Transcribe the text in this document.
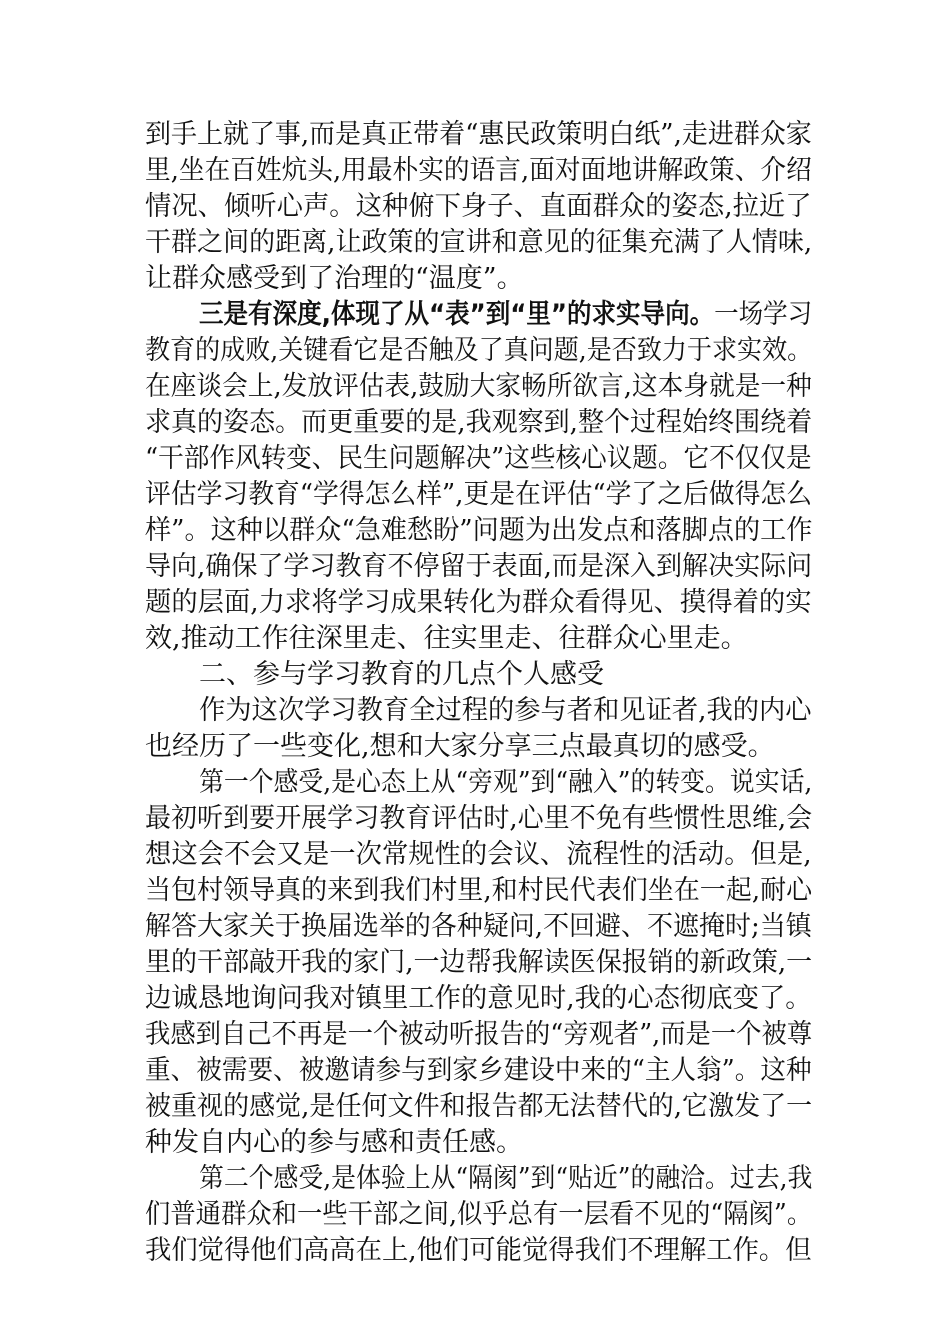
到手上就了事,而是真正带着“惠民政策明白纸”,走进群众家
里,坐在百姓炕头,用最朴实的语言,面对面地讲解政策、介绍
情况、倾听心声。这种俯下身子、直面群众的姿态,拉近了
干群之间的距离,让政策的宣讲和意见的征集充满了人情味,
让群众感受到了治理的“温度”。
三是有深度,体现了从“表”到“里”的求实导向。一场学习
教育的成败,关键看它是否触及了真问题,是否致力于求实效。
在座谈会上,发放评估表,鼓励大家畅所欲言,这本身就是一种
求真的姿态。而更重要的是,我观察到,整个过程始终围绕着
“干部作风转变、民生问题解决”这些核心议题。它不仅仅是
评估学习教育“学得怎么样”,更是在评估“学了之后做得怎么
样”。这种以群众“急难愁盼”问题为出发点和落脚点的工作
导向,确保了学习教育不停留于表面,而是深入到解决实际问
题的层面,力求将学习成果转化为群众看得见、摸得着的实
效,推动工作往深里走、往实里走、往群众心里走。
二、参与学习教育的几点个人感受
作为这次学习教育全过程的参与者和见证者,我的内心
也经历了一些变化,想和大家分享三点最真切的感受。
第一个感受,是心态上从“旁观”到“融入”的转变。说实话,
最初听到要开展学习教育评估时,心里不免有些惯性思维,会
想这会不会又是一次常规性的会议、流程性的活动。但是,
当包村领导真的来到我们村里,和村民代表们坐在一起,耐心
解答大家关于换届选举的各种疑问,不回避、不遮掩时;当镇
里的干部敲开我的家门,一边帮我解读医保报销的新政策,一
边诚恳地询问我对镇里工作的意见时,我的心态彻底变了。
我感到自己不再是一个被动听报告的“旁观者”,而是一个被尊
重、被需要、被邀请参与到家乡建设中来的“主人翁”。这种
被重视的感觉,是任何文件和报告都无法替代的,它激发了一
种发自内心的参与感和责任感。
第二个感受,是体验上从“隔阂”到“贴近”的融洽。过去,我
们普通群众和一些干部之间,似乎总有一层看不见的“隔阂”。
我们觉得他们高高在上,他们可能觉得我们不理解工作。但
